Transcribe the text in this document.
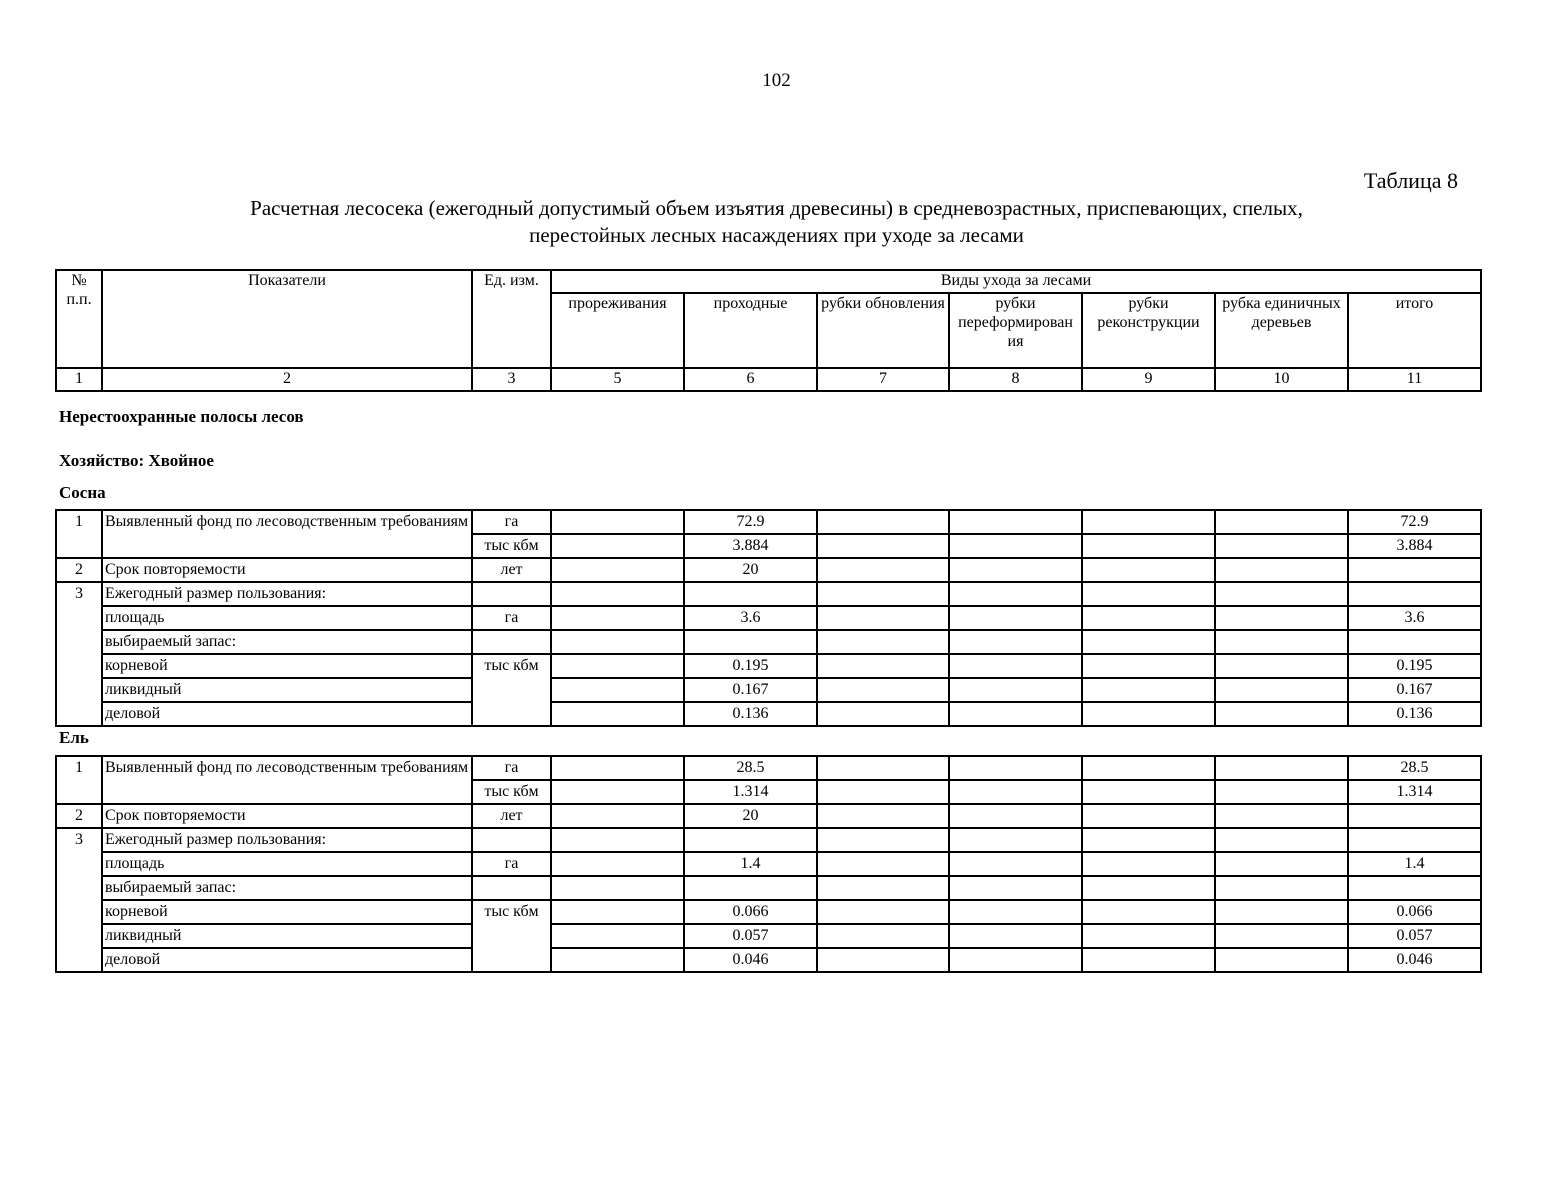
102
Таблица 8
Расчетная лесосека (ежегодный допустимый объем изъятия древесины) в средневозрастных, приспевающих, спелых,
перестойных лесных насаждениях при уходе за лесами
№ п.п.	Показатели	Ед. изм.	Виды ухода за лесами						
			прореживания	проходные	рубки обновления	рубки переформирован ия	рубки реконструкции	рубка единичных деревьев	итого
1	2	3	5	6	7	8	9	10	11
Нерестоохранные полосы лесов
Хозяйство: Хвойное
Сосна
1	Выявленный фонд по лесоводственным требованиям	га		72.9					72.9
		тыс кбм		3.884					3.884
2	Срок повторяемости	лет		20					
3	Ежегодный размер пользования:								
	площадь	га		3.6					3.6
	выбираемый запас:								
	корневой	тыс кбм		0.195					0.195
	ликвидный			0.167					0.167
	деловой			0.136					0.136
Ель
1	Выявленный фонд по лесоводственным требованиям	га		28.5					28.5
		тыс кбм		1.314					1.314
2	Срок повторяемости	лет		20					
3	Ежегодный размер пользования:								
	площадь	га		1.4					1.4
	выбираемый запас:								
	корневой	тыс кбм		0.066					0.066
	ликвидный			0.057					0.057
	деловой			0.046					0.046
